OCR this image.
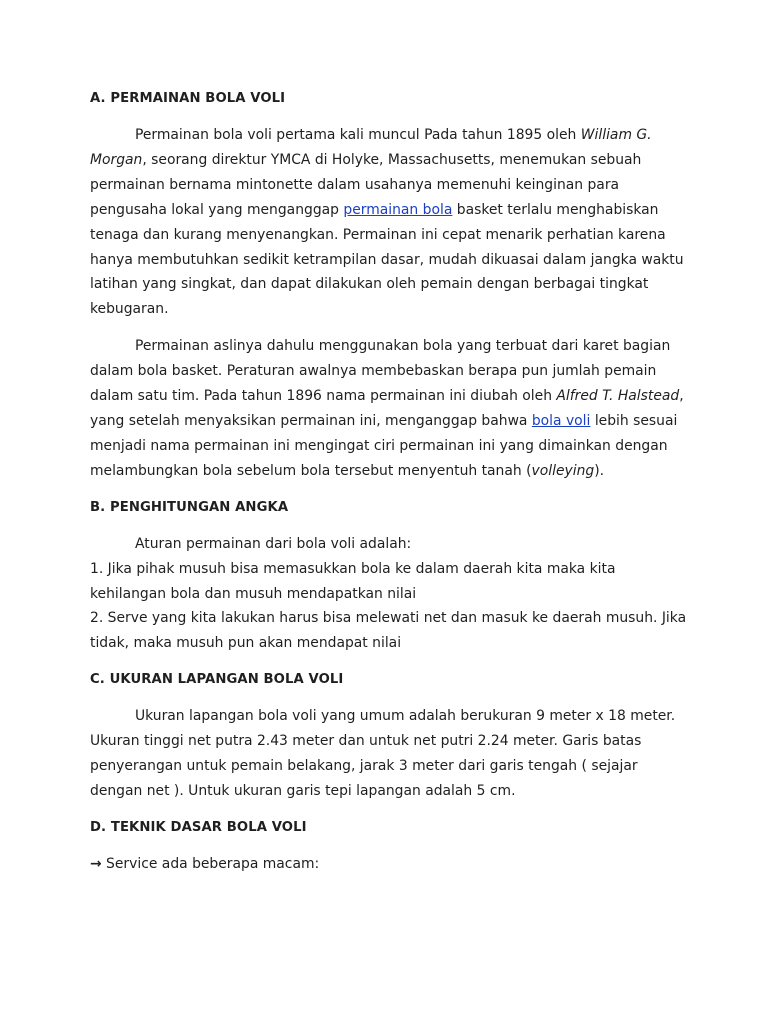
A. PERMAINAN BOLA VOLI

Permainan bola voli pertama kali muncul Pada tahun 1895 oleh William G. Morgan, seorang direktur YMCA di Holyke, Massachusetts, menemukan sebuah permainan bernama mintonette dalam usahanya memenuhi keinginan para pengusaha lokal yang menganggap permainan bola basket terlalu menghabiskan tenaga dan kurang menyenangkan. Permainan ini cepat menarik perhatian karena hanya membutuhkan sedikit ketrampilan dasar, mudah dikuasai dalam jangka waktu latihan yang singkat, dan dapat dilakukan oleh pemain dengan berbagai tingkat kebugaran.

Permainan aslinya dahulu menggunakan bola yang terbuat dari karet bagian dalam bola basket. Peraturan awalnya membebaskan berapa pun jumlah pemain dalam satu tim. Pada tahun 1896 nama permainan ini diubah oleh Alfred T. Halstead, yang setelah menyaksikan permainan ini, menganggap bahwa bola voli lebih sesuai menjadi nama permainan ini mengingat ciri permainan ini yang dimainkan dengan melambungkan bola sebelum bola tersebut menyentuh tanah (volleying).

B. PENGHITUNGAN ANGKA

Aturan permainan dari bola voli adalah:

1. Jika pihak musuh bisa memasukkan bola ke dalam daerah kita maka kita kehilangan bola dan musuh mendapatkan nilai

2. Serve yang kita lakukan harus bisa melewati net dan masuk ke daerah musuh. Jika tidak, maka musuh pun akan mendapat nilai

C. UKURAN LAPANGAN BOLA VOLI

Ukuran lapangan bola voli yang umum adalah berukuran 9 meter x 18 meter. Ukuran tinggi net putra 2.43 meter dan untuk net putri 2.24 meter. Garis batas penyerangan untuk pemain belakang, jarak 3 meter dari garis tengah ( sejajar dengan net ). Untuk ukuran garis tepi lapangan adalah 5 cm.

D. TEKNIK DASAR BOLA VOLI

→ Service ada beberapa macam:
